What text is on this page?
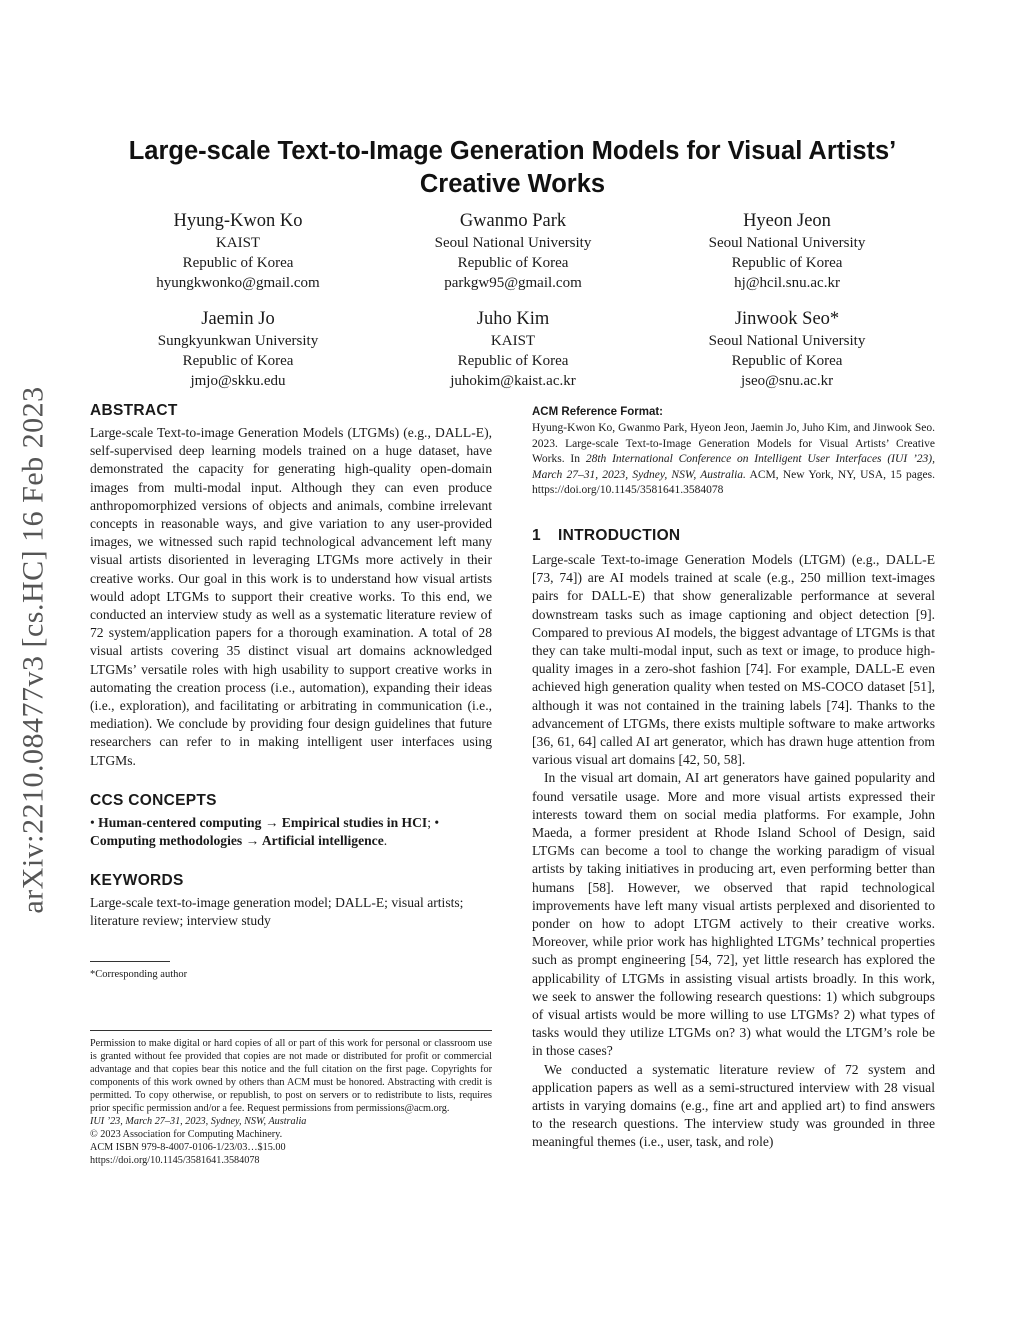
arXiv:2210.08477v3 [cs.HC] 16 Feb 2023
Large-scale Text-to-Image Generation Models for Visual Artists’ Creative Works
Hyung-Kwon Ko
KAIST
Republic of Korea
hyungkwonko@gmail.com
Gwanmo Park
Seoul National University
Republic of Korea
parkgw95@gmail.com
Hyeon Jeon
Seoul National University
Republic of Korea
hj@hcil.snu.ac.kr
Jaemin Jo
Sungkyunkwan University
Republic of Korea
jmjo@skku.edu
Juho Kim
KAIST
Republic of Korea
juhokim@kaist.ac.kr
Jinwook Seo*
Seoul National University
Republic of Korea
jseo@snu.ac.kr
ABSTRACT
Large-scale Text-to-image Generation Models (LTGMs) (e.g., DALL-E), self-supervised deep learning models trained on a huge dataset, have demonstrated the capacity for generating high-quality open-domain images from multi-modal input. Although they can even produce anthropomorphized versions of objects and animals, combine irrelevant concepts in reasonable ways, and give variation to any user-provided images, we witnessed such rapid technological advancement left many visual artists disoriented in leveraging LTGMs more actively in their creative works. Our goal in this work is to understand how visual artists would adopt LTGMs to support their creative works. To this end, we conducted an interview study as well as a systematic literature review of 72 system/application papers for a thorough examination. A total of 28 visual artists covering 35 distinct visual art domains acknowledged LTGMs’ versatile roles with high usability to support creative works in automating the creation process (i.e., automation), expanding their ideas (i.e., exploration), and facilitating or arbitrating in communication (i.e., mediation). We conclude by providing four design guidelines that future researchers can refer to in making intelligent user interfaces using LTGMs.
CCS CONCEPTS
• Human-centered computing → Empirical studies in HCI; • Computing methodologies → Artificial intelligence.
KEYWORDS
Large-scale text-to-image generation model; DALL-E; visual artists; literature review; interview study
*Corresponding author
Permission to make digital or hard copies of all or part of this work for personal or classroom use is granted without fee provided that copies are not made or distributed for profit or commercial advantage and that copies bear this notice and the full citation on the first page. Copyrights for components of this work owned by others than ACM must be honored. Abstracting with credit is permitted. To copy otherwise, or republish, to post on servers or to redistribute to lists, requires prior specific permission and/or a fee. Request permissions from permissions@acm.org.
IUI ’23, March 27–31, 2023, Sydney, NSW, Australia
© 2023 Association for Computing Machinery.
ACM ISBN 979-8-4007-0106-1/23/03…$15.00
https://doi.org/10.1145/3581641.3584078
ACM Reference Format:
Hyung-Kwon Ko, Gwanmo Park, Hyeon Jeon, Jaemin Jo, Juho Kim, and Jinwook Seo. 2023. Large-scale Text-to-Image Generation Models for Visual Artists’ Creative Works. In 28th International Conference on Intelligent User Interfaces (IUI ’23), March 27–31, 2023, Sydney, NSW, Australia. ACM, New York, NY, USA, 15 pages. https://doi.org/10.1145/3581641.3584078
1 INTRODUCTION

Large-scale Text-to-image Generation Models (LTGM) (e.g., DALL-E [73, 74]) are AI models trained at scale (e.g., 250 million text-images pairs for DALL-E) that show generalizable performance at several downstream tasks such as image captioning and object detection [9]. Compared to previous AI models, the biggest advantage of LTGMs is that they can take multi-modal input, such as text or image, to produce high-quality images in a zero-shot fashion [74]. For example, DALL-E even achieved high generation quality when tested on MS-COCO dataset [51], although it was not contained in the training labels [74]. Thanks to the advancement of LTGMs, there exists multiple software to make artworks [36, 61, 64] called AI art generator, which has drawn huge attention from various visual art domains [42, 50, 58].

In the visual art domain, AI art generators have gained popularity and found versatile usage. More and more visual artists expressed their interests toward them on social media platforms. For example, John Maeda, a former president at Rhode Island School of Design, said LTGMs can become a tool to change the working paradigm of visual artists by taking initiatives in producing art, even performing better than humans [58]. However, we observed that rapid technological improvements have left many visual artists perplexed and disoriented to ponder on how to adopt LTGM actively to their creative works. Moreover, while prior work has highlighted LTGMs’ technical properties such as prompt engineering [54, 72], yet little research has explored the applicability of LTGMs in assisting visual artists broadly. In this work, we seek to answer the following research questions: 1) which subgroups of visual artists would be more willing to use LTGMs? 2) what types of tasks would they utilize LTGMs on? 3) what would the LTGM’s role be in those cases?

We conducted a systematic literature review of 72 system and application papers as well as a semi-structured interview with 28 visual artists in varying domains (e.g., fine art and applied art) to find answers to the research questions. The interview study was grounded in three meaningful themes (i.e., user, task, and role)
